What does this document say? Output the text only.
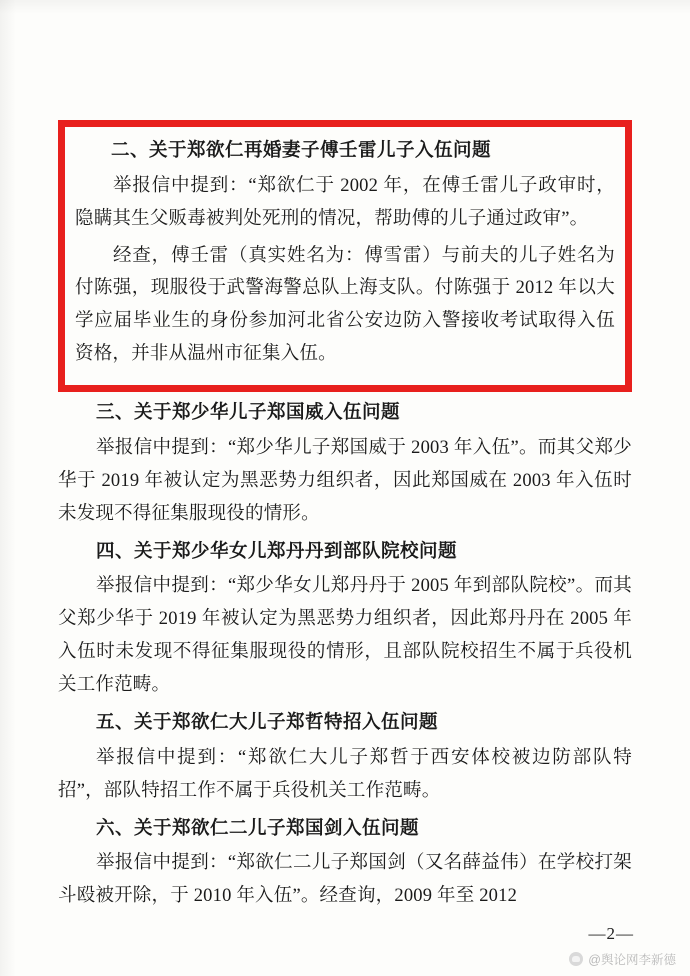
二、关于郑欲仁再婚妻子傅壬雷儿子入伍问题

举报信中提到：“郑欲仁于 2002 年，在傅壬雷儿子政审时，隐瞒其生父贩毒被判处死刑的情况，帮助傅的儿子通过政审”。

经查，傅壬雷（真实姓名为：傅雪雷）与前夫的儿子姓名为付陈强，现服役于武警海警总队上海支队。付陈强于 2012 年以大学应届毕业生的身份参加河北省公安边防入警接收考试取得入伍资格，并非从温州市征集入伍。

三、关于郑少华儿子郑国威入伍问题

举报信中提到：“郑少华儿子郑国威于 2003 年入伍”。而其父郑少华于 2019 年被认定为黑恶势力组织者，因此郑国威在 2003 年入伍时未发现不得征集服现役的情形。

四、关于郑少华女儿郑丹丹到部队院校问题

举报信中提到：“郑少华女儿郑丹丹于 2005 年到部队院校”。而其父郑少华于 2019 年被认定为黑恶势力组织者，因此郑丹丹在 2005 年入伍时未发现不得征集服现役的情形，且部队院校招生不属于兵役机关工作范畴。

五、关于郑欲仁大儿子郑哲特招入伍问题

举报信中提到：“郑欲仁大儿子郑哲于西安体校被边防部队特招”，部队特招工作不属于兵役机关工作范畴。

六、关于郑欲仁二儿子郑国剑入伍问题

举报信中提到：“郑欲仁二儿子郑国剑（又名薛益伟）在学校打架斗殴被开除，于 2010 年入伍”。经查询，2009 年至 2012

—2—
@舆论网李新德
